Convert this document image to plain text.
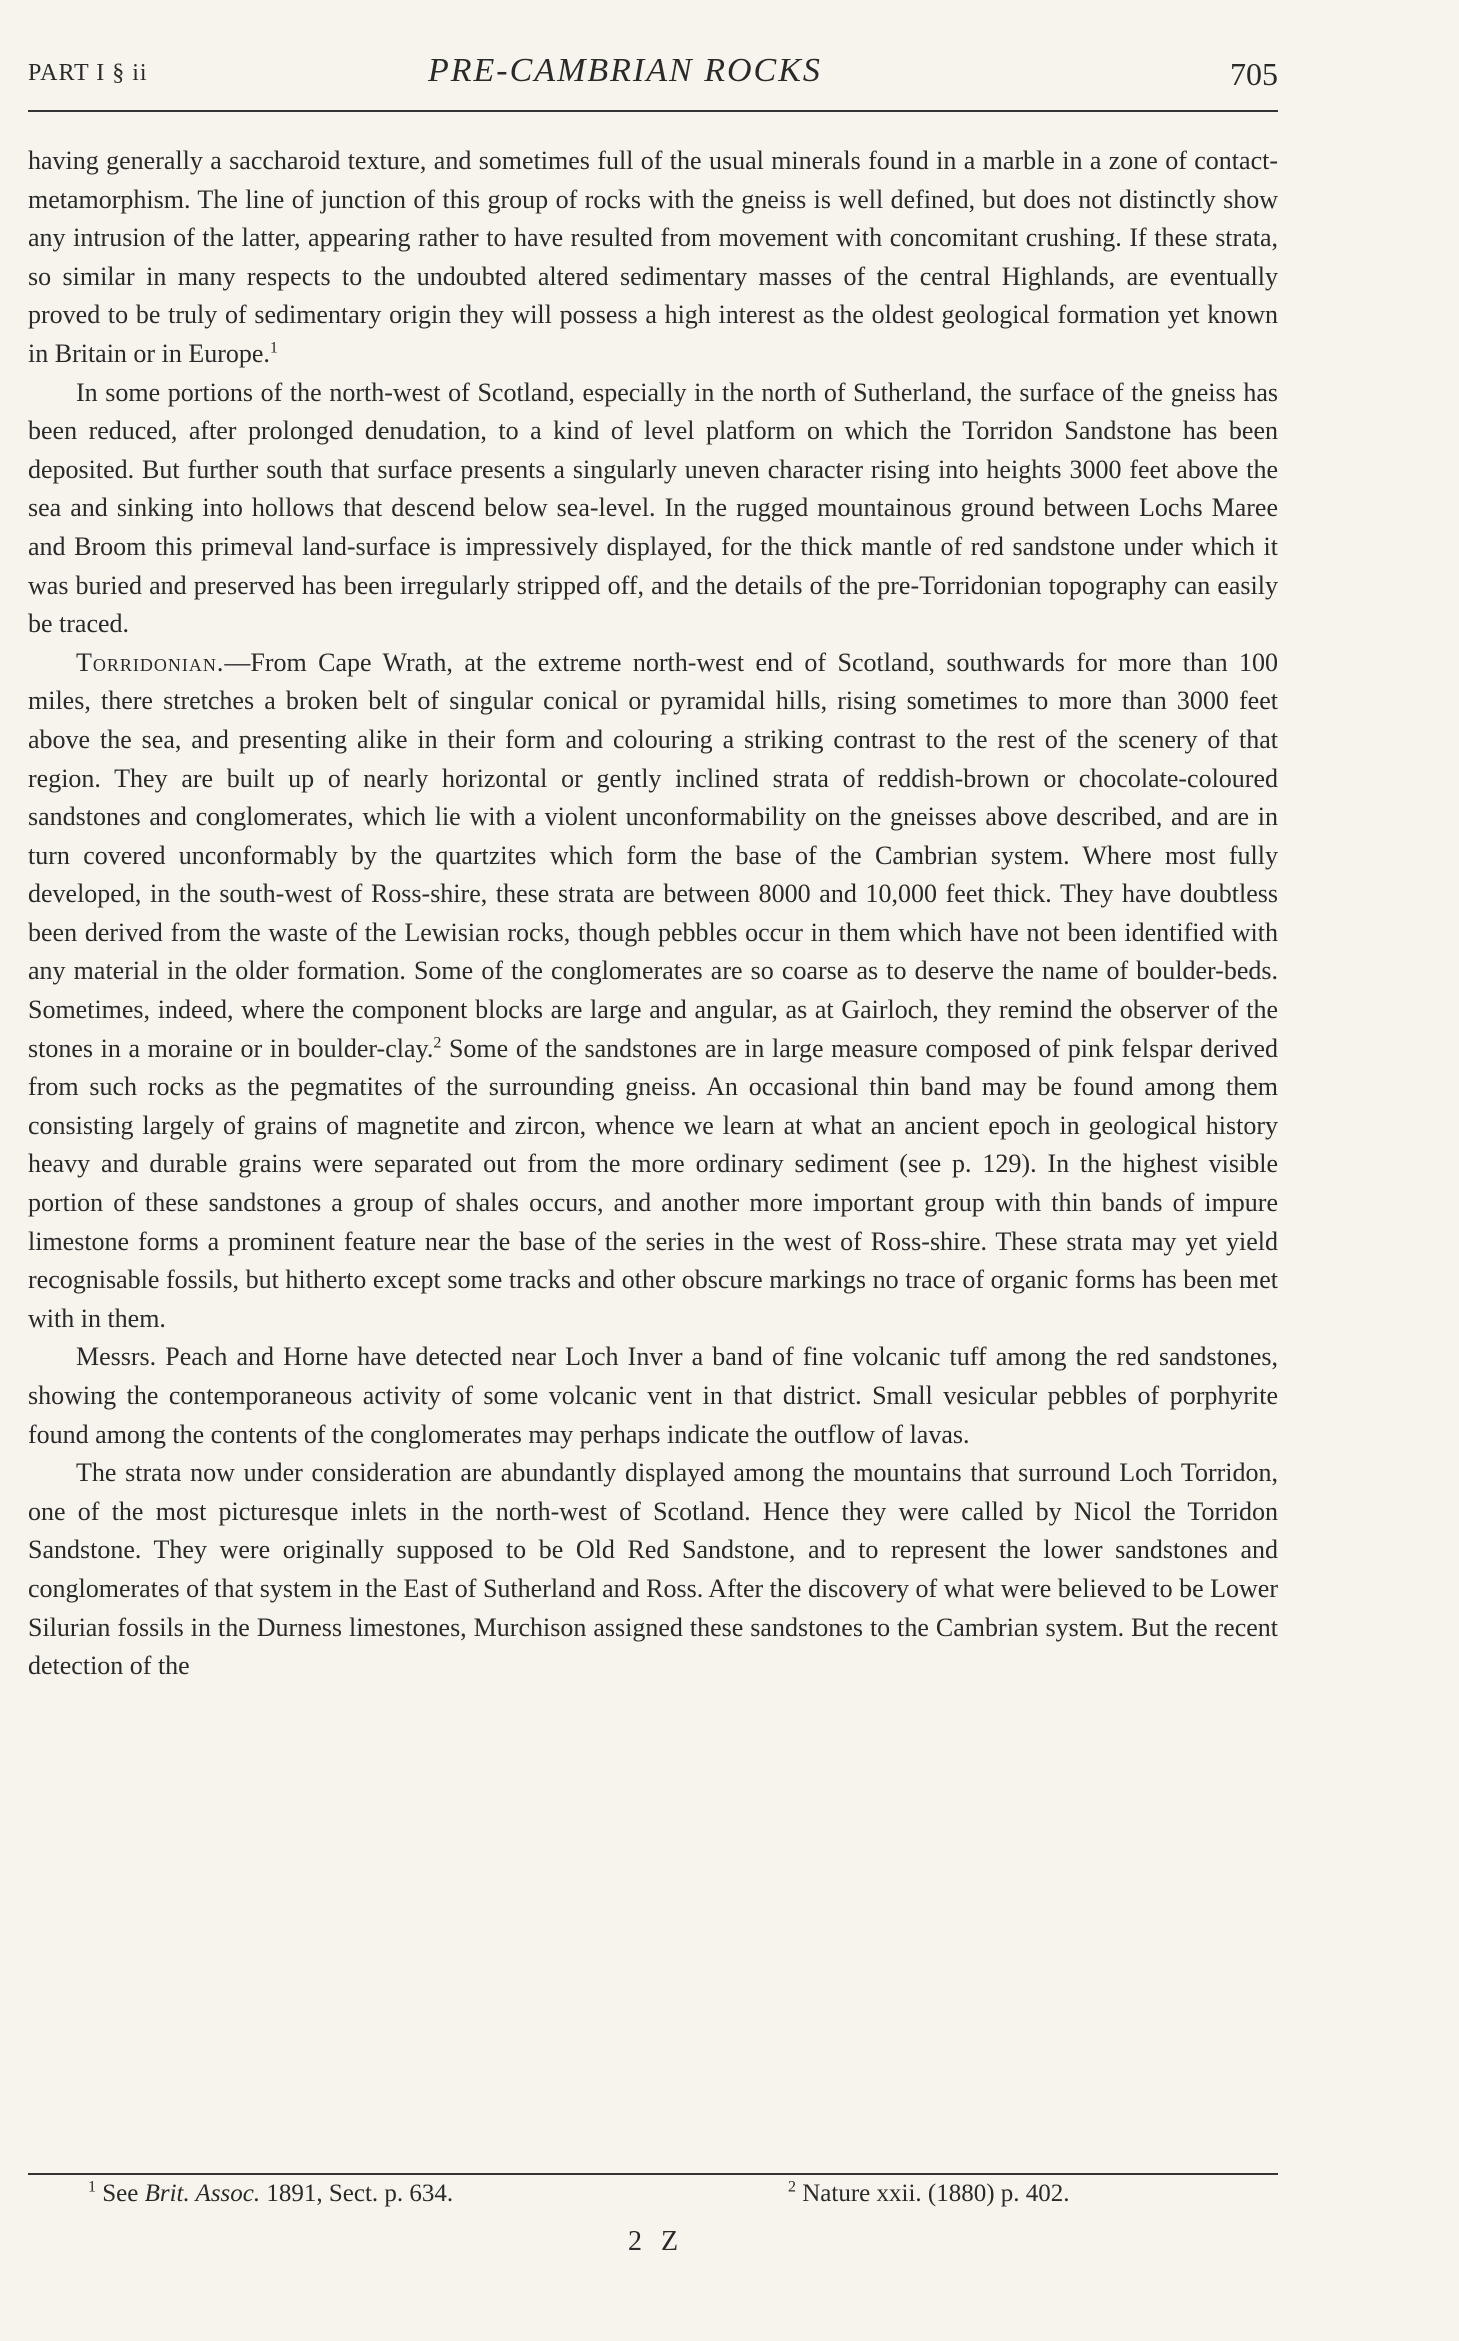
PART I § ii	PRE-CAMBRIAN ROCKS	705

having generally a saccharoid texture, and sometimes full of the usual minerals found in a marble in a zone of contact-metamorphism. The line of junction of this group of rocks with the gneiss is well defined, but does not distinctly show any intrusion of the latter, appearing rather to have resulted from movement with concomitant crushing. If these strata, so similar in many respects to the undoubted altered sedimentary masses of the central Highlands, are eventually proved to be truly of sedimentary origin they will possess a high interest as the oldest geological formation yet known in Britain or in Europe.$^1$

In some portions of the north-west of Scotland, especially in the north of Sutherland, the surface of the gneiss has been reduced, after prolonged denudation, to a kind of level platform on which the Torridon Sandstone has been deposited. But further south that surface presents a singularly uneven character rising into heights 3000 feet above the sea and sinking into hollows that descend below sea-level. In the rugged mountainous ground between Lochs Maree and Broom this primeval land-surface is impressively displayed, for the thick mantle of red sandstone under which it was buried and preserved has been irregularly stripped off, and the details of the pre-Torridonian topography can easily be traced.

Torridonian.—From Cape Wrath, at the extreme north-west end of Scotland, southwards for more than 100 miles, there stretches a broken belt of singular conical or pyramidal hills, rising sometimes to more than 3000 feet above the sea, and presenting alike in their form and colouring a striking contrast to the rest of the scenery of that region. They are built up of nearly horizontal or gently inclined strata of reddish-brown or chocolate-coloured sandstones and conglomerates, which lie with a violent unconformability on the gneisses above described, and are in turn covered unconformably by the quartzites which form the base of the Cambrian system. Where most fully developed, in the south-west of Ross-shire, these strata are between 8000 and 10,000 feet thick. They have doubtless been derived from the waste of the Lewisian rocks, though pebbles occur in them which have not been identified with any material in the older formation. Some of the conglomerates are so coarse as to deserve the name of boulder-beds. Sometimes, indeed, where the component blocks are large and angular, as at Gairloch, they remind the observer of the stones in a moraine or in boulder-clay.$^2$ Some of the sandstones are in large measure composed of pink felspar derived from such rocks as the pegmatites of the surrounding gneiss. An occasional thin band may be found among them consisting largely of grains of magnetite and zircon, whence we learn at what an ancient epoch in geological history heavy and durable grains were separated out from the more ordinary sediment (see p. 129). In the highest visible portion of these sandstones a group of shales occurs, and another more important group with thin bands of impure limestone forms a prominent feature near the base of the series in the west of Ross-shire. These strata may yet yield recognisable fossils, but hitherto except some tracks and other obscure markings no trace of organic forms has been met with in them.

Messrs. Peach and Horne have detected near Loch Inver a band of fine volcanic tuff among the red sandstones, showing the contemporaneous activity of some volcanic vent in that district. Small vesicular pebbles of porphyrite found among the contents of the conglomerates may perhaps indicate the outflow of lavas.

The strata now under consideration are abundantly displayed among the mountains that surround Loch Torridon, one of the most picturesque inlets in the north-west of Scotland. Hence they were called by Nicol the Torridon Sandstone. They were originally supposed to be Old Red Sandstone, and to represent the lower sandstones and conglomerates of that system in the East of Sutherland and Ross. After the discovery of what were believed to be Lower Silurian fossils in the Durness limestones, Murchison assigned these sandstones to the Cambrian system. But the recent detection of the

$^1$ See Brit. Assoc. 1891, Sect. p. 634.	$^2$ Nature xxii. (1880) p. 402.
2 Z
